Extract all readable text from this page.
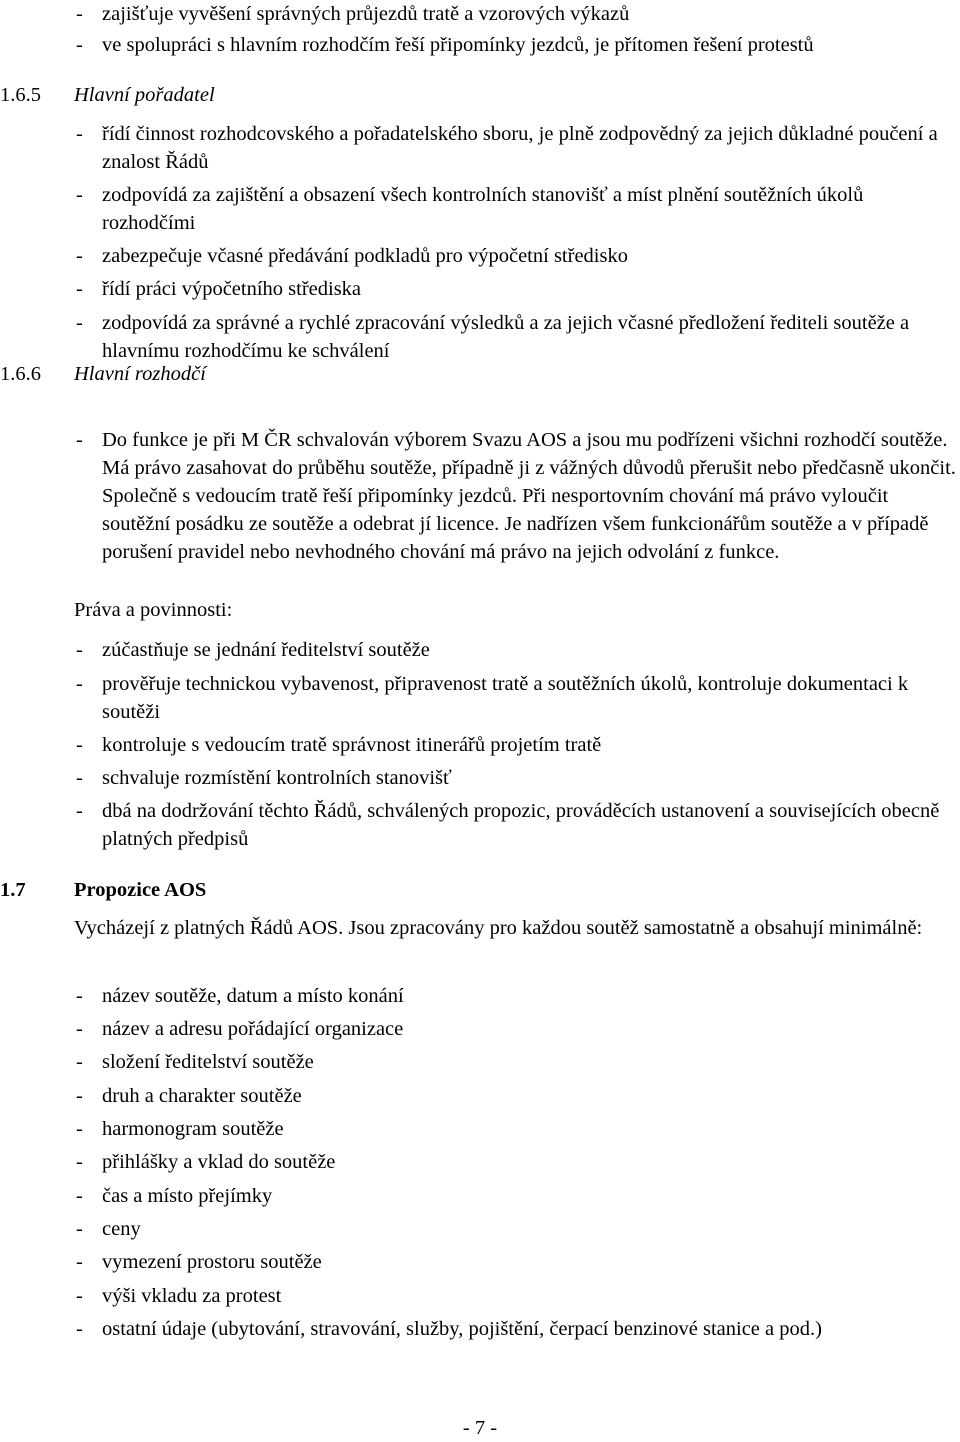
- zajišťuje vyvěšení správných průjezdů tratě a vzorových výkazů
- ve spolupráci s hlavním rozhodčím řeší připomínky jezdců, je přítomen řešení protestů
1.6.5 Hlavní pořadatel
- řídí činnost rozhodcovského a pořadatelského sboru, je plně zodpovědný za jejich důkladné poučení a znalost Řádů
- zodpovídá za zajištění a obsazení všech kontrolních stanovišť a míst plnění soutěžních úkolů rozhodčími
- zabezpečuje včasné předávání podkladů pro výpočetní středisko
- řídí práci výpočetního střediska
- zodpovídá za správné a rychlé zpracování výsledků a za jejich včasné předložení řediteli soutěže a hlavnímu rozhodčímu ke schválení
1.6.6 Hlavní rozhodčí
- Do funkce je při M ČR schvalován výborem Svazu AOS a jsou mu podřízeni všichni rozhodčí soutěže. Má právo zasahovat do průběhu soutěže, případně ji z vážných důvodů přerušit nebo předčasně ukončit. Společně s vedoucím tratě řeší připomínky jezdců. Při nesportovním chování má právo vyloučit soutěžní posádku ze soutěže a odebrat jí licence. Je nadřízen všem funkcionářům soutěže a v případě porušení pravidel nebo nevhodného chování má právo na jejich odvolání z funkce.
Práva a povinnosti:
- zúčastňuje se jednání ředitelství soutěže
- prověřuje technickou vybavenost, připravenost tratě a soutěžních úkolů, kontroluje dokumentaci k soutěži
- kontroluje s vedoucím tratě správnost itinerářů projetím tratě
- schvaluje rozmístění kontrolních stanovišť
- dbá na dodržování těchto Řádů, schválených propozic, prováděcích ustanovení a souvisejících obecně platných předpisů
1.7 Propozice AOS
Vycházejí z platných Řádů AOS. Jsou zpracovány pro každou soutěž samostatně a obsahují minimálně:
- název soutěže, datum a místo konání
- název a adresu pořádající organizace
- složení ředitelství soutěže
- druh a charakter soutěže
- harmonogram soutěže
- přihlášky a vklad do soutěže
- čas a místo přejímky
- ceny
- vymezení prostoru soutěže
- výši vkladu za protest
- ostatní údaje (ubytování, stravování, služby, pojištění, čerpací benzinové stanice a pod.)
- 7 -
